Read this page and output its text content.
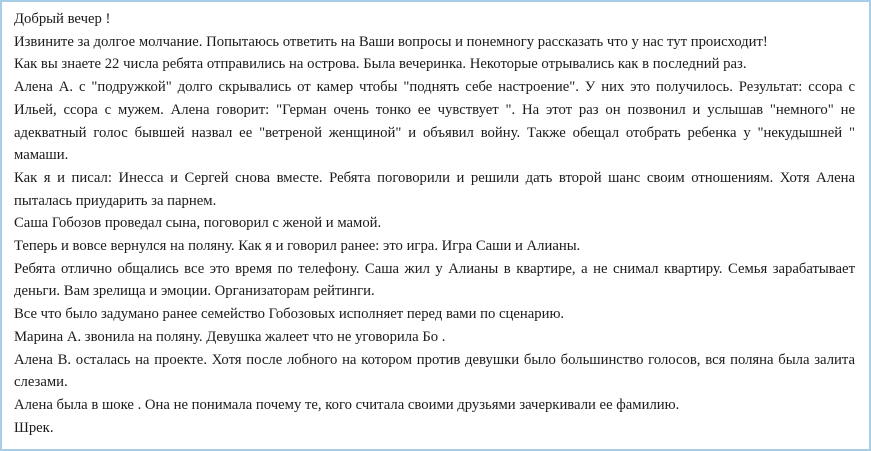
Добрый вечер !

Извините за долгое молчание. Попытаюсь ответить на Ваши вопросы и понемногу рассказать что у нас тут происходит!

Как вы знаете 22 числа ребята отправились на острова. Была вечеринка. Некоторые отрывались как в последний раз.

Алена А. с "подружкой" долго скрывались от камер чтобы "поднять себе настроение". У них это получилось. Результат: ссора с Ильей, ссора с мужем. Алена говорит: "Герман очень тонко ее чувствует ". На этот раз он позвонил и услышав "немного" не адекватный голос бывшей назвал ее "ветреной женщиной" и объявил войну. Также обещал отобрать ребенка у "некудышней " мамаши.

Как я и писал: Инесса и Сергей снова вместе. Ребята поговорили и решили дать второй шанс своим отношениям. Хотя Алена пыталась приударить за парнем.

Саша Гобозов проведал сына, поговорил с женой и мамой.

Теперь и вовсе вернулся на поляну. Как я и говорил ранее: это игра. Игра Саши и Алианы.

Ребята отлично общались все это время по телефону. Саша жил у Алианы в квартире, а не снимал квартиру. Семья зарабатывает деньги. Вам зрелища и эмоции. Организаторам рейтинги.

Все что было задумано ранее семейство Гобозовых исполняет перед вами по сценарию.

Марина А. звонила на поляну. Девушка жалеет что не уговорила Бо .

Алена В. осталась на проекте. Хотя после лобного на котором против девушки было большинство голосов, вся поляна была залита слезами.

Алена была в шоке . Она не понимала почему те, кого считала своими друзьями зачеркивали ее фамилию.

Шрек.
